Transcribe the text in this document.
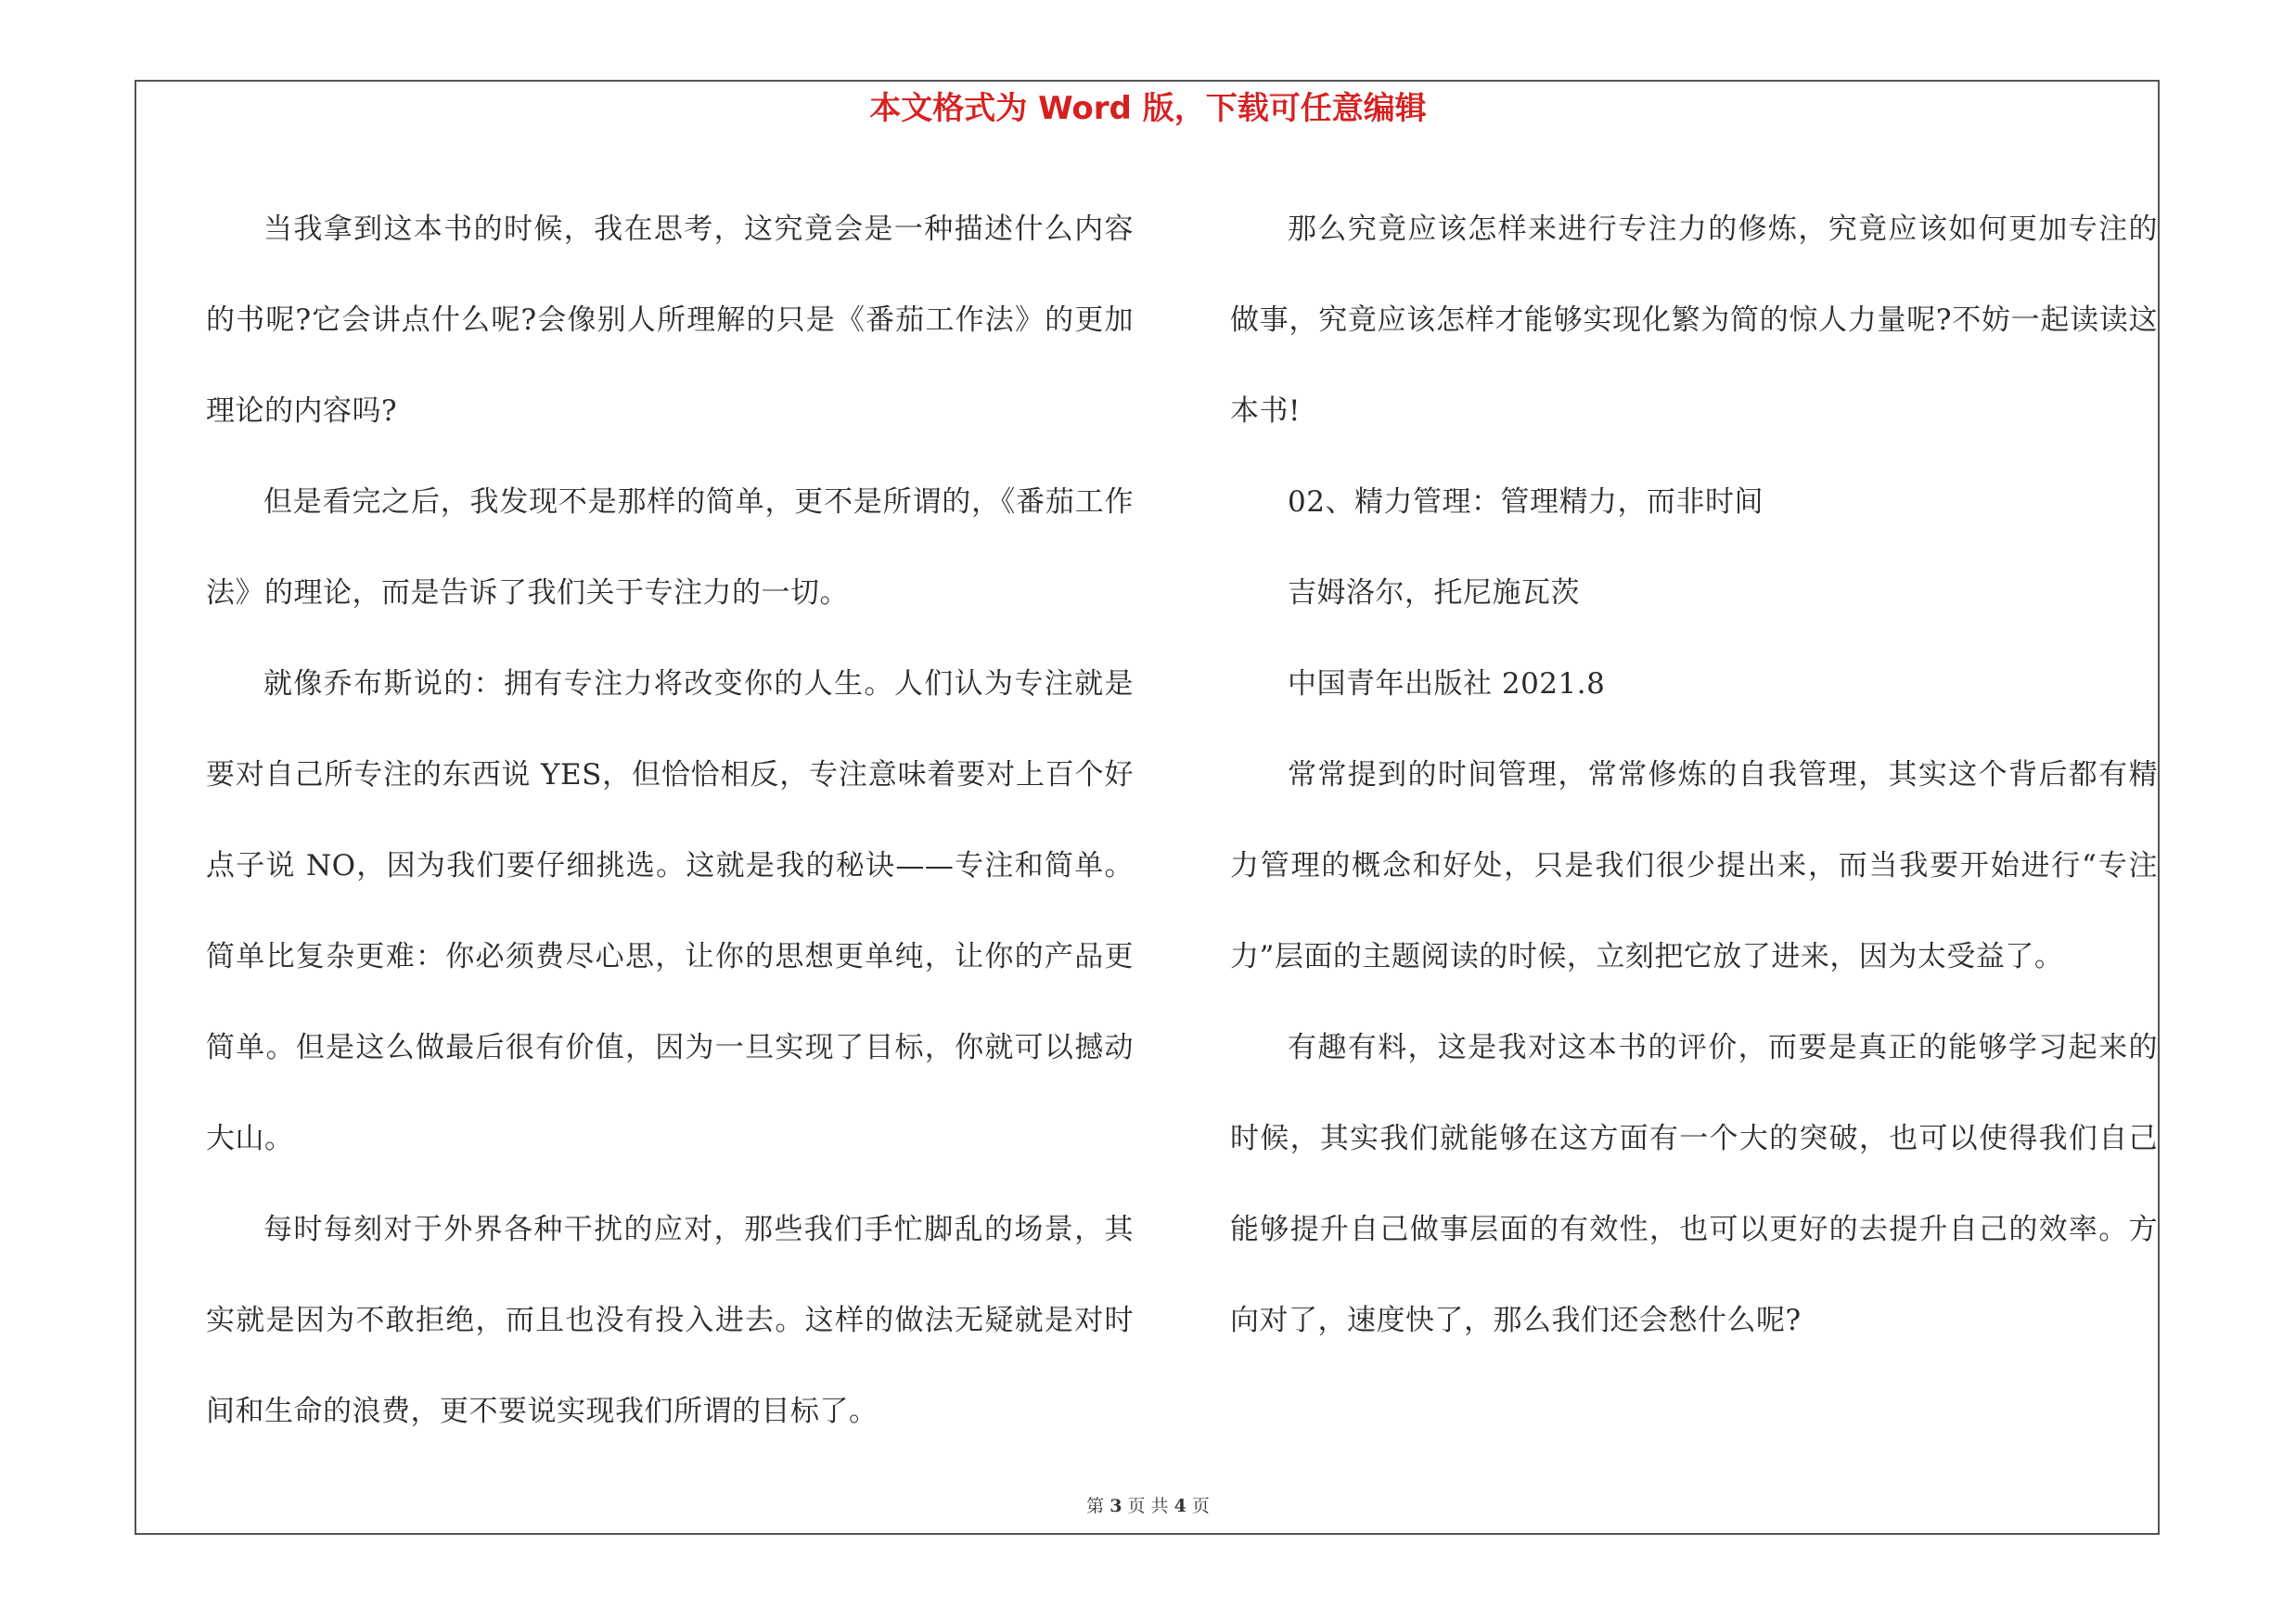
本文格式为 Word 版，下载可任意编辑

当我拿到这本书的时候，我在思考，这究竟会是一种描述什么内容的书呢?它会讲点什么呢?会像别人所理解的只是《番茄工作法》的更加理论的内容吗?

但是看完之后，我发现不是那样的简单，更不是所谓的，《番茄工作法》的理论，而是告诉了我们关于专注力的一切。

就像乔布斯说的：拥有专注力将改变你的人生。人们认为专注就是要对自己所专注的东西说 YES，但恰恰相反，专注意味着要对上百个好点子说 NO，因为我们要仔细挑选。这就是我的秘诀——专注和简单。简单比复杂更难：你必须费尽心思，让你的思想更单纯，让你的产品更简单。但是这么做最后很有价值，因为一旦实现了目标，你就可以撼动大山。

每时每刻对于外界各种干扰的应对，那些我们手忙脚乱的场景，其实就是因为不敢拒绝，而且也没有投入进去。这样的做法无疑就是对时间和生命的浪费，更不要说实现我们所谓的目标了。

那么究竟应该怎样来进行专注力的修炼，究竟应该如何更加专注的做事，究竟应该怎样才能够实现化繁为简的惊人力量呢?不妨一起读读这本书!

02、精力管理：管理精力，而非时间

吉姆洛尔，托尼施瓦茨

中国青年出版社 2021.8

常常提到的时间管理，常常修炼的自我管理，其实这个背后都有精力管理的概念和好处，只是我们很少提出来，而当我要开始进行“专注力”层面的主题阅读的时候，立刻把它放了进来，因为太受益了。

有趣有料，这是我对这本书的评价，而要是真正的能够学习起来的时候，其实我们就能够在这方面有一个大的突破，也可以使得我们自己能够提升自己做事层面的有效性，也可以更好的去提升自己的效率。方向对了，速度快了，那么我们还会愁什么呢?

第 3 页 共 4 页
